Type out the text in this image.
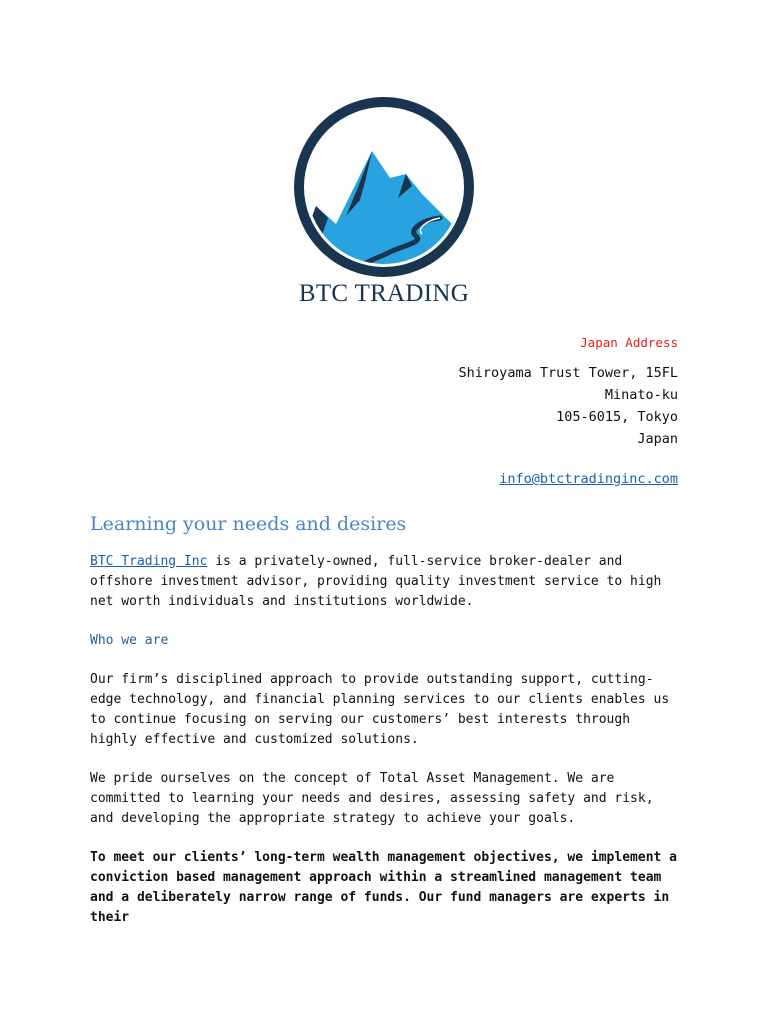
BTC TRADING
Japan Address
Shiroyama Trust Tower, 15FL
Minato-ku
105-6015, Tokyo
Japan
info@btctradinginc.com
Learning your needs and desires

BTC Trading Inc is a privately-owned, full-service broker-dealer and offshore investment advisor, providing quality investment service to high net worth individuals and institutions worldwide.

Who we are

Our firm’s disciplined approach to provide outstanding support, cutting-edge technology, and financial planning services to our clients enables us to continue focusing on serving our customers’ best interests through highly effective and customized solutions.

We pride ourselves on the concept of Total Asset Management. We are committed to learning your needs and desires, assessing safety and risk, and developing the appropriate strategy to achieve your goals.

To meet our clients’ long-term wealth management objectives, we implement a conviction based management approach within a streamlined management team and a deliberately narrow range of funds. Our fund managers are experts in their
